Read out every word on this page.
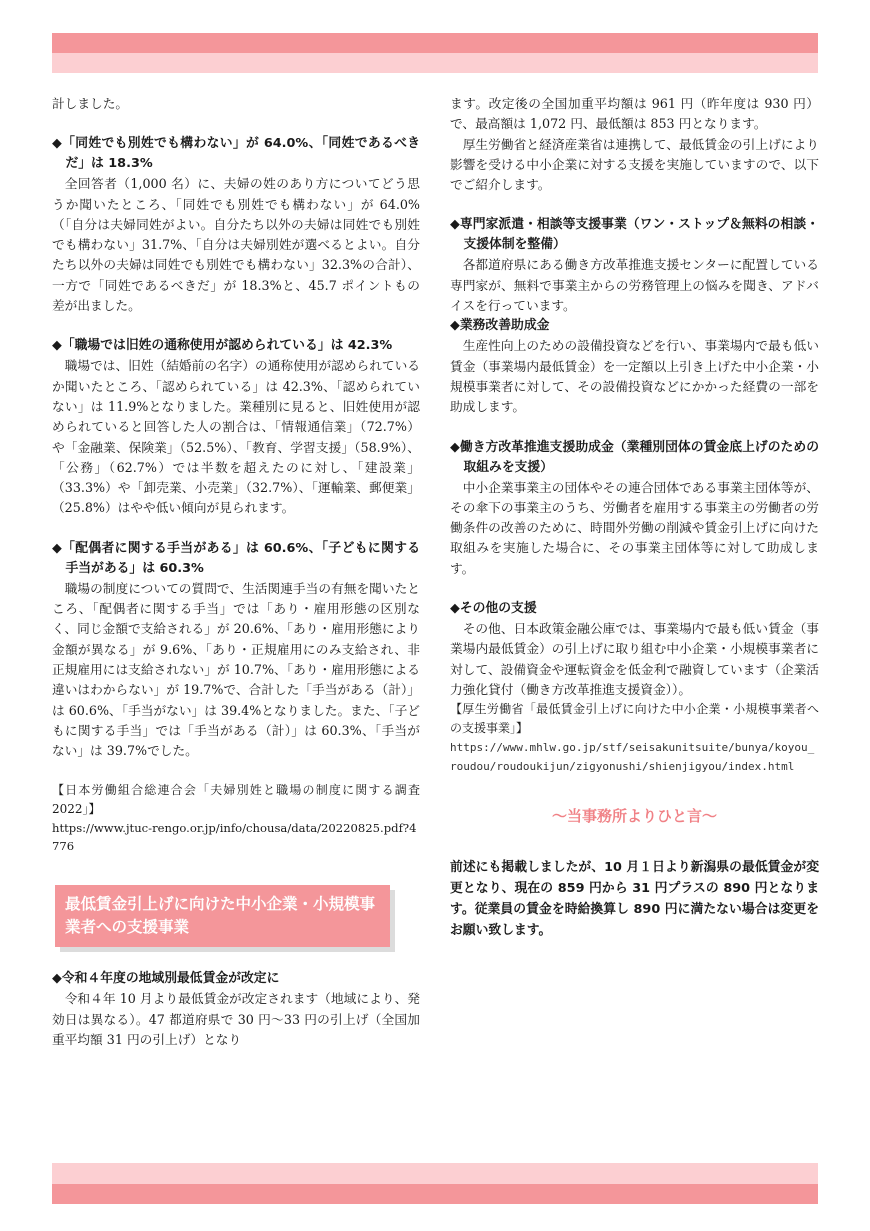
計しました。

◆「同姓でも別姓でも構わない」が 64.0%、「同姓であるべきだ」は 18.3%

全回答者（1,000 名）に、夫婦の姓のあり方についてどう思うか聞いたところ、「同姓でも別姓でも構わない」が 64.0%（「自分は夫婦同姓がよい。自分たち以外の夫婦は同姓でも別姓でも構わない」31.7%、「自分は夫婦別姓が選べるとよい。自分たち以外の夫婦は同姓でも別姓でも構わない」32.3%の合計）、一方で「同姓であるべきだ」が 18.3%と、45.7 ポイントもの差が出ました。

◆「職場では旧姓の通称使用が認められている」は 42.3%

職場では、旧姓（結婚前の名字）の通称使用が認められているか聞いたところ、「認められている」は 42.3%、「認められていない」は 11.9%となりました。業種別に見ると、旧姓使用が認められていると回答した人の割合は、「情報通信業」（72.7%）や「金融業、保険業」（52.5%）、「教育、学習支援」（58.9%）、「公務」（62.7%）では半数を超えたのに対し、「建設業」（33.3%）や「卸売業、小売業」（32.7%）、「運輸業、郵便業」（25.8%）はやや低い傾向が見られます。

◆「配偶者に関する手当がある」は 60.6%、「子どもに関する手当がある」は 60.3%

職場の制度についての質問で、生活関連手当の有無を聞いたところ、「配偶者に関する手当」では「あり・雇用形態の区別なく、同じ金額で支給される」が 20.6%、「あり・雇用形態により金額が異なる」が 9.6%、「あり・正規雇用にのみ支給され、非正規雇用には支給されない」が 10.7%、「あり・雇用形態による違いはわからない」が 19.7%で、合計した「手当がある（計）」は 60.6%、「手当がない」は 39.4%となりました。また、「子どもに関する手当」では「手当がある（計）」は 60.3%、「手当がない」は 39.7%でした。

【日本労働組合総連合会「夫婦別姓と職場の制度に関する調査 2022」】

https://www.jtuc-rengo.or.jp/info/chousa/data/20220825.pdf?4776

最低賃金引上げに向けた中小企業・小規模事業者への支援事業

◆令和４年度の地域別最低賃金が改定に

令和４年 10 月より最低賃金が改定されます（地域により、発効日は異なる）。47 都道府県で 30 円～33 円の引上げ（全国加重平均額 31 円の引上げ）となり

ます。改定後の全国加重平均額は 961 円（昨年度は 930 円）で、最高額は 1,072 円、最低額は 853 円となります。

厚生労働省と経済産業省は連携して、最低賃金の引上げにより影響を受ける中小企業に対する支援を実施していますので、以下でご紹介します。

◆専門家派遣・相談等支援事業（ワン・ストップ＆無料の相談・支援体制を整備）

各都道府県にある働き方改革推進支援センターに配置している専門家が、無料で事業主からの労務管理上の悩みを聞き、アドバイスを行っています。

◆業務改善助成金

生産性向上のための設備投資などを行い、事業場内で最も低い賃金（事業場内最低賃金）を一定額以上引き上げた中小企業・小規模事業者に対して、その設備投資などにかかった経費の一部を助成します。

◆働き方改革推進支援助成金（業種別団体の賃金底上げのための取組みを支援）

中小企業事業主の団体やその連合団体である事業主団体等が、その傘下の事業主のうち、労働者を雇用する事業主の労働者の労働条件の改善のために、時間外労働の削減や賃金引上げに向けた取組みを実施した場合に、その事業主団体等に対して助成します。

◆その他の支援

その他、日本政策金融公庫では、事業場内で最も低い賃金（事業場内最低賃金）の引上げに取り組む中小企業・小規模事業者に対して、設備資金や運転資金を低金利で融資しています（企業活力強化貸付（働き方改革推進支援資金））。

【厚生労働省「最低賃金引上げに向けた中小企業・小規模事業者への支援事業」】

https://www.mhlw.go.jp/stf/seisakunitsuite/bunya/koyou_roudou/roudoukijun/zigyonushi/shienjigyou/index.html

～当事務所よりひと言～

前述にも掲載しましたが、10 月１日より新潟県の最低賃金が変更となり、現在の 859 円から 31 円プラスの 890 円となります。従業員の賃金を時給換算し 890 円に満たない場合は変更をお願い致します。
